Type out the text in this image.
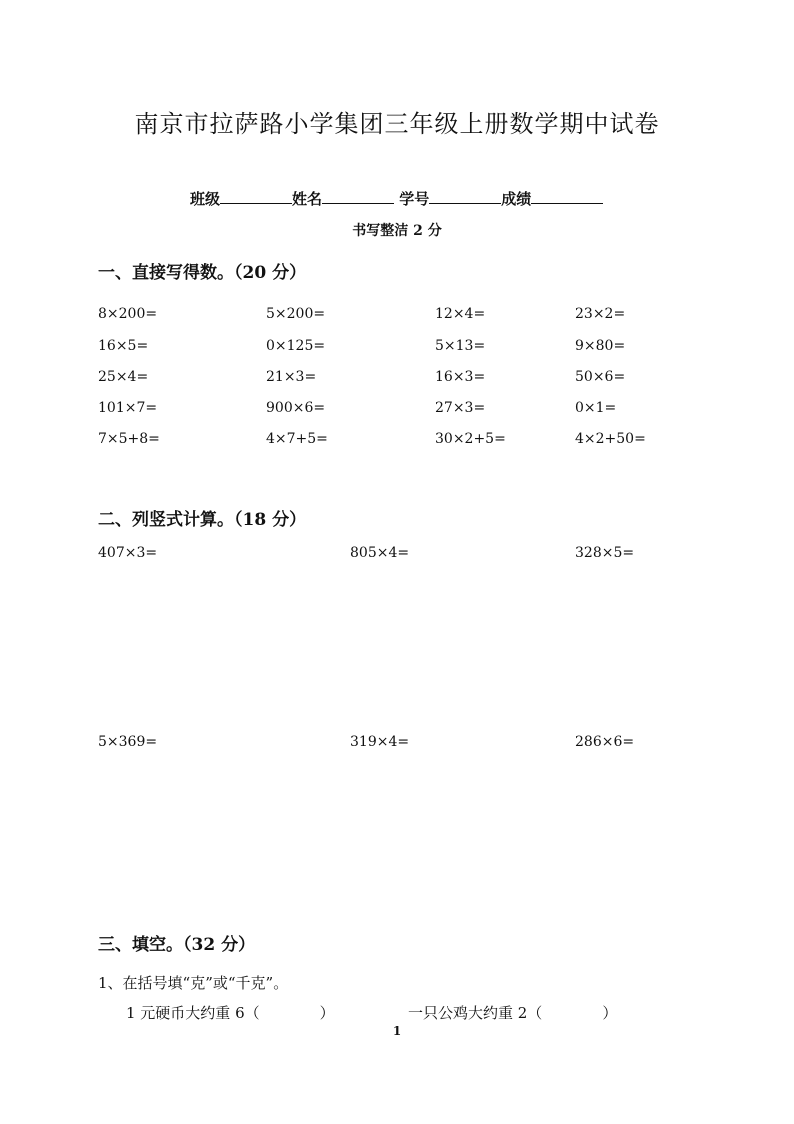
南京市拉萨路小学集团三年级上册数学期中试卷
班级	姓名	学号	成绩
书写整洁 2 分
一、直接写得数。（20 分）
8×200=	5×200=	12×4=	23×2=
16×5=	0×125=	5×13=	9×80=
25×4=	21×3=	16×3=	50×6=
101×7=	900×6=	27×3=	0×1=
7×5+8=	4×7+5=	30×2+5=	4×2+50=
二、列竖式计算。（18 分）
407×3=	805×4=	328×5=
5×369=	319×4=	286×6=
三、填空。（32 分）
1、在括号填“克”或“千克”。
1 元硬币大约重 6（　　　　）	一只公鸡大约重 2（　　　　）
1
